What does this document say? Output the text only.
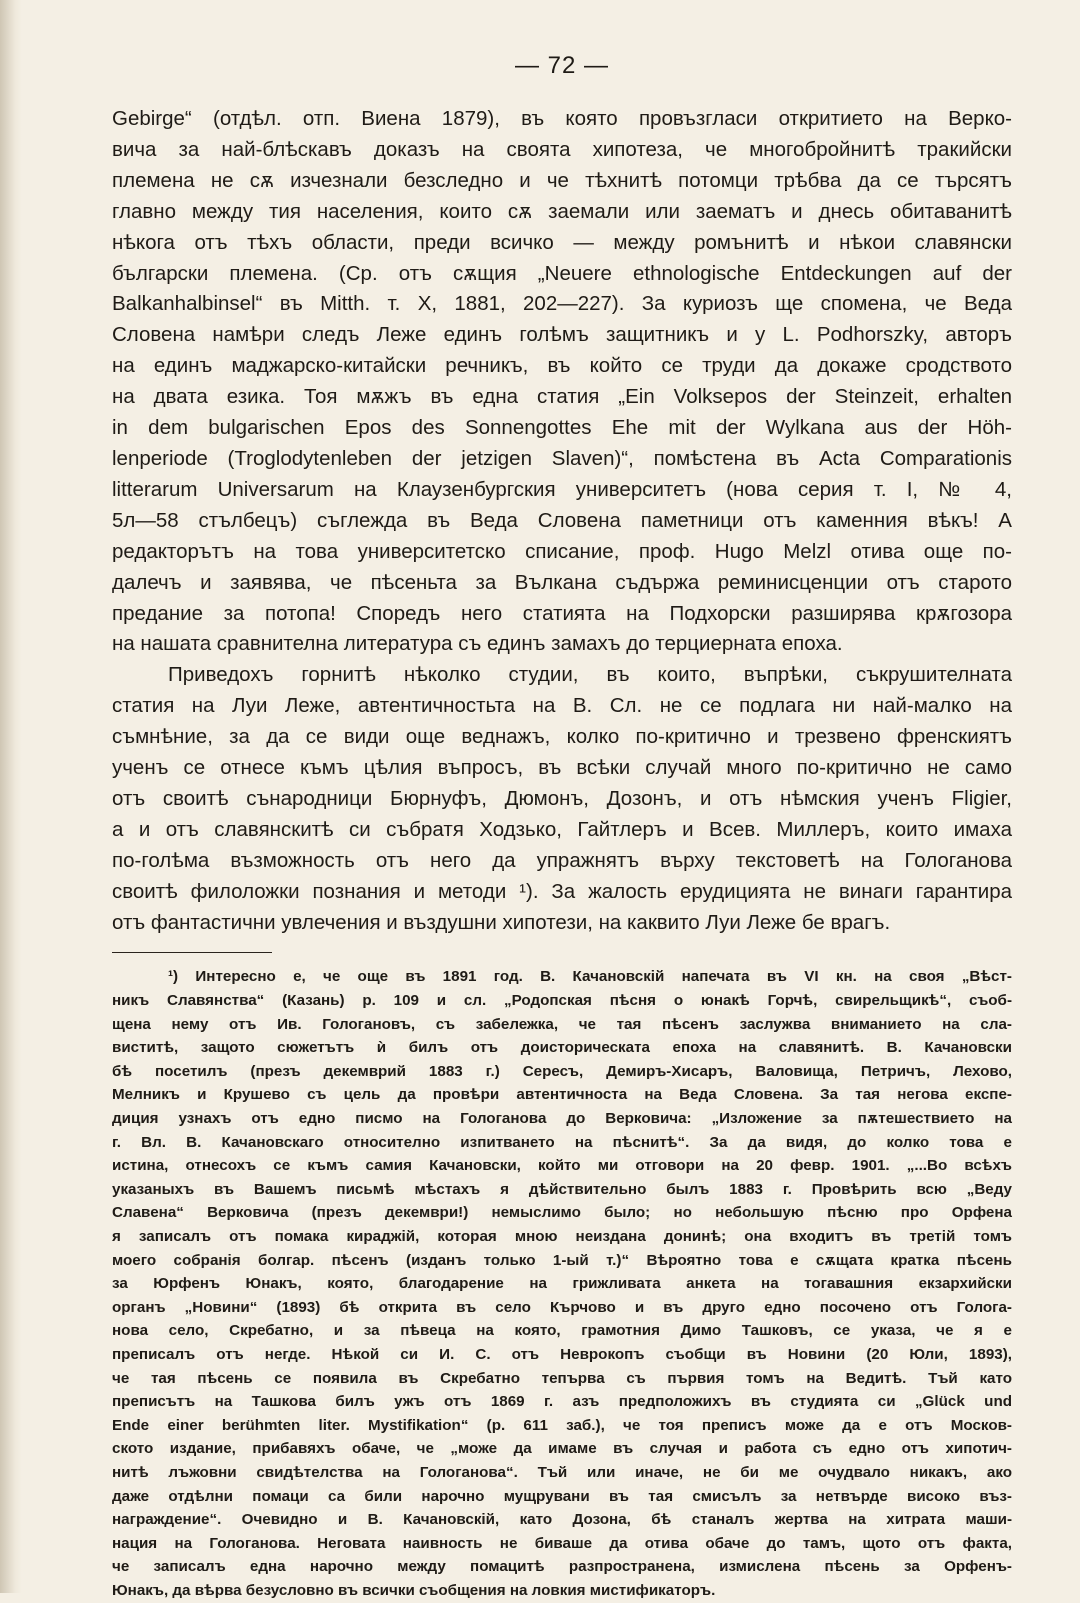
— 72 —

Gebirge“ (отдѣл. отп. Виена 1879), въ която провъзгласи откритието на Верко-

вича за най-блѣскавъ доказъ на своята хипотеза, че многобройнитѣ тракийски

племена не сѫ изчезнали безследно и че тѣхнитѣ потомци трѣбва да се търсятъ

главно между тия населения, които сѫ заемали или заематъ и днесь обитаванитѣ

нѣкога отъ тѣхъ области, преди всичко — между ромънитѣ и нѣкои славянски

български племена. (Ср. отъ сѫщия „Neuere ethnologische Entdeckungen auf der

Balkanhalbinsel“ въ Mitth. т. X, 1881, 202—227). За куриозъ ще спомена, че Веда

Словена намѣри следъ Леже единъ голѣмъ защитникъ и у L. Podhorszky, авторъ

на единъ маджарско-китайски речникъ, въ който се труди да докаже сродството

на двата езика. Тоя мѫжъ въ една статия „Ein Volksepos der Steinzeit, erhalten

in dem bulgarischen Epos des Sonnengottes Ehe mit der Wylkana aus der Höh-

lenperiode (Troglodytenleben der jetzigen Slaven)“, помѣстена въ Acta Comparationis

litterarum Universarum на Клаузенбургския университетъ (нова серия т. I, № 4,

5л—58 стълбецъ) съглежда въ Веда Словена паметници отъ каменния вѣкъ! А

редакторътъ на това университетско списание, проф. Hugo Melzl отива още по-

далечъ и заявява, че пѣсеньта за Вълкана съдържа реминисценции отъ старото

предание за потопа! Споредъ него статията на Подхорски разширява крѫгозора

на нашата сравнителна литература съ единъ замахъ до терциерната епоха.

Приведохъ горнитѣ нѣколко студии, въ които, въпрѣки, съкрушителната

статия на Луи Леже, автентичностьта на В. Сл. не се подлага ни най-малко на

съмнѣние, за да се види още веднажъ, колко по-критично и трезвено френскиятъ

ученъ се отнесе къмъ цѣлия въпросъ, въ всѣки случай много по-критично не само

отъ своитѣ сънародници Бюрнуфъ, Дюмонъ, Дозонъ, и отъ нѣмския ученъ Fligier,

а и отъ славянскитѣ си събратя Ходзько, Гайтлеръ и Всев. Миллеръ, които имаха

по-голѣма възможность отъ него да упражнятъ върху текстоветѣ на Гологанова

своитѣ филоложки познания и методи ¹). За жалость ерудицията не винаги гарантира

отъ фантастични увлечения и въздушни хипотези, на каквито Луи Леже бе врагъ.

¹) Интересно е, че още въ 1891 год. В. Качановскiй напечата въ VI кн. на своя „Вѣст-

никъ Славянства“ (Казань) р. 109 и сл. „Родопская пѣсня о юнакѣ Горчѣ, свирельщикѣ“, съоб-

щена нему отъ Ив. Гологановъ, съ забележка, че тая пѣсенъ заслужва вниманието на сла-

виститѣ, защото сюжетътъ ѝ билъ отъ доисторическата епоха на славянитѣ. В. Качановски

бѣ посетилъ (презъ декемврий 1883 г.) Сересъ, Демиръ-Хисаръ, Валовища, Петричъ, Лехово,

Мелникъ и Крушево съ цель да провѣри автентичноста на Веда Словена. За тая негова експе-

диция узнахъ отъ едно писмо на Гологанова до Верковича: „Изложение за пѫтешествието на

г. Вл. В. Качановскаго относително изпитването на пѣснитѣ“. За да видя, до колко това е

истина, отнесохъ се къмъ самия Качановски, който ми отговори на 20 февр. 1901. „...Во всѣхъ

указаныхъ въ Вашемъ письмѣ мѣстахъ я дѣйствительно былъ 1883 г. Провѣрить всю „Веду

Славена“ Верковича (презъ декември!) немыслимо было; но небольшую пѣсню про Орфена

я записалъ отъ помака кираджiй, которая мною неиздана донинѣ; она входитъ въ третiй томъ

моего собранiя болгар. пѣсенъ (изданъ только 1-ый т.)“ Вѣроятно това е сѫщата кратка пѣсень

за Юрфенъ Юнакъ, която, благодарение на грижливата анкета на тогавашния екзархийски

органъ „Новини“ (1893) бѣ открита въ село Кърчово и въ друго едно посочено отъ Гологa-

нова село, Скребатно, и за пѣвеца на която, грамотния Димо Ташковъ, се указа, че я е

преписалъ отъ негде. Нѣкой си И. С. отъ Неврокопъ съобщи въ Новини (20 Юли, 1893),

че тая пѣсень се появила въ Скребатно тепърва съ първия томъ на Ведитѣ. Тъй като

преписътъ на Ташкова билъ ужъ отъ 1869 г. азъ предположихъ въ студията си „Glück und

Ende einer berühmten liter. Mystifikation“ (р. 611 заб.), че тоя преписъ може да е отъ Москов-

ското издание, прибавяхъ обаче, че „може да имаме въ случая и работа съ едно отъ хипотич-

нитѣ лъжовни свидѣтелства на Гологанова“. Тъй или иначе, не би ме очудвало никакъ, ако

даже отдѣлни помаци са били нарочно мущрувани въ тая смисълъ за нетвърде високо въз-

награждение“. Очевидно и В. Качановскiй, като Дозона, бѣ станалъ жертва на хитрата маши-

нация на Гологанова. Неговата наивность не биваше да отива обаче до тамъ, щото отъ факта,

че записалъ една нарочно между помацитѣ разпространена, измислена пѣсень за Орфенъ-

Юнакъ, да вѣрва безусловно въ всички съобщения на ловкия мистификаторъ.
